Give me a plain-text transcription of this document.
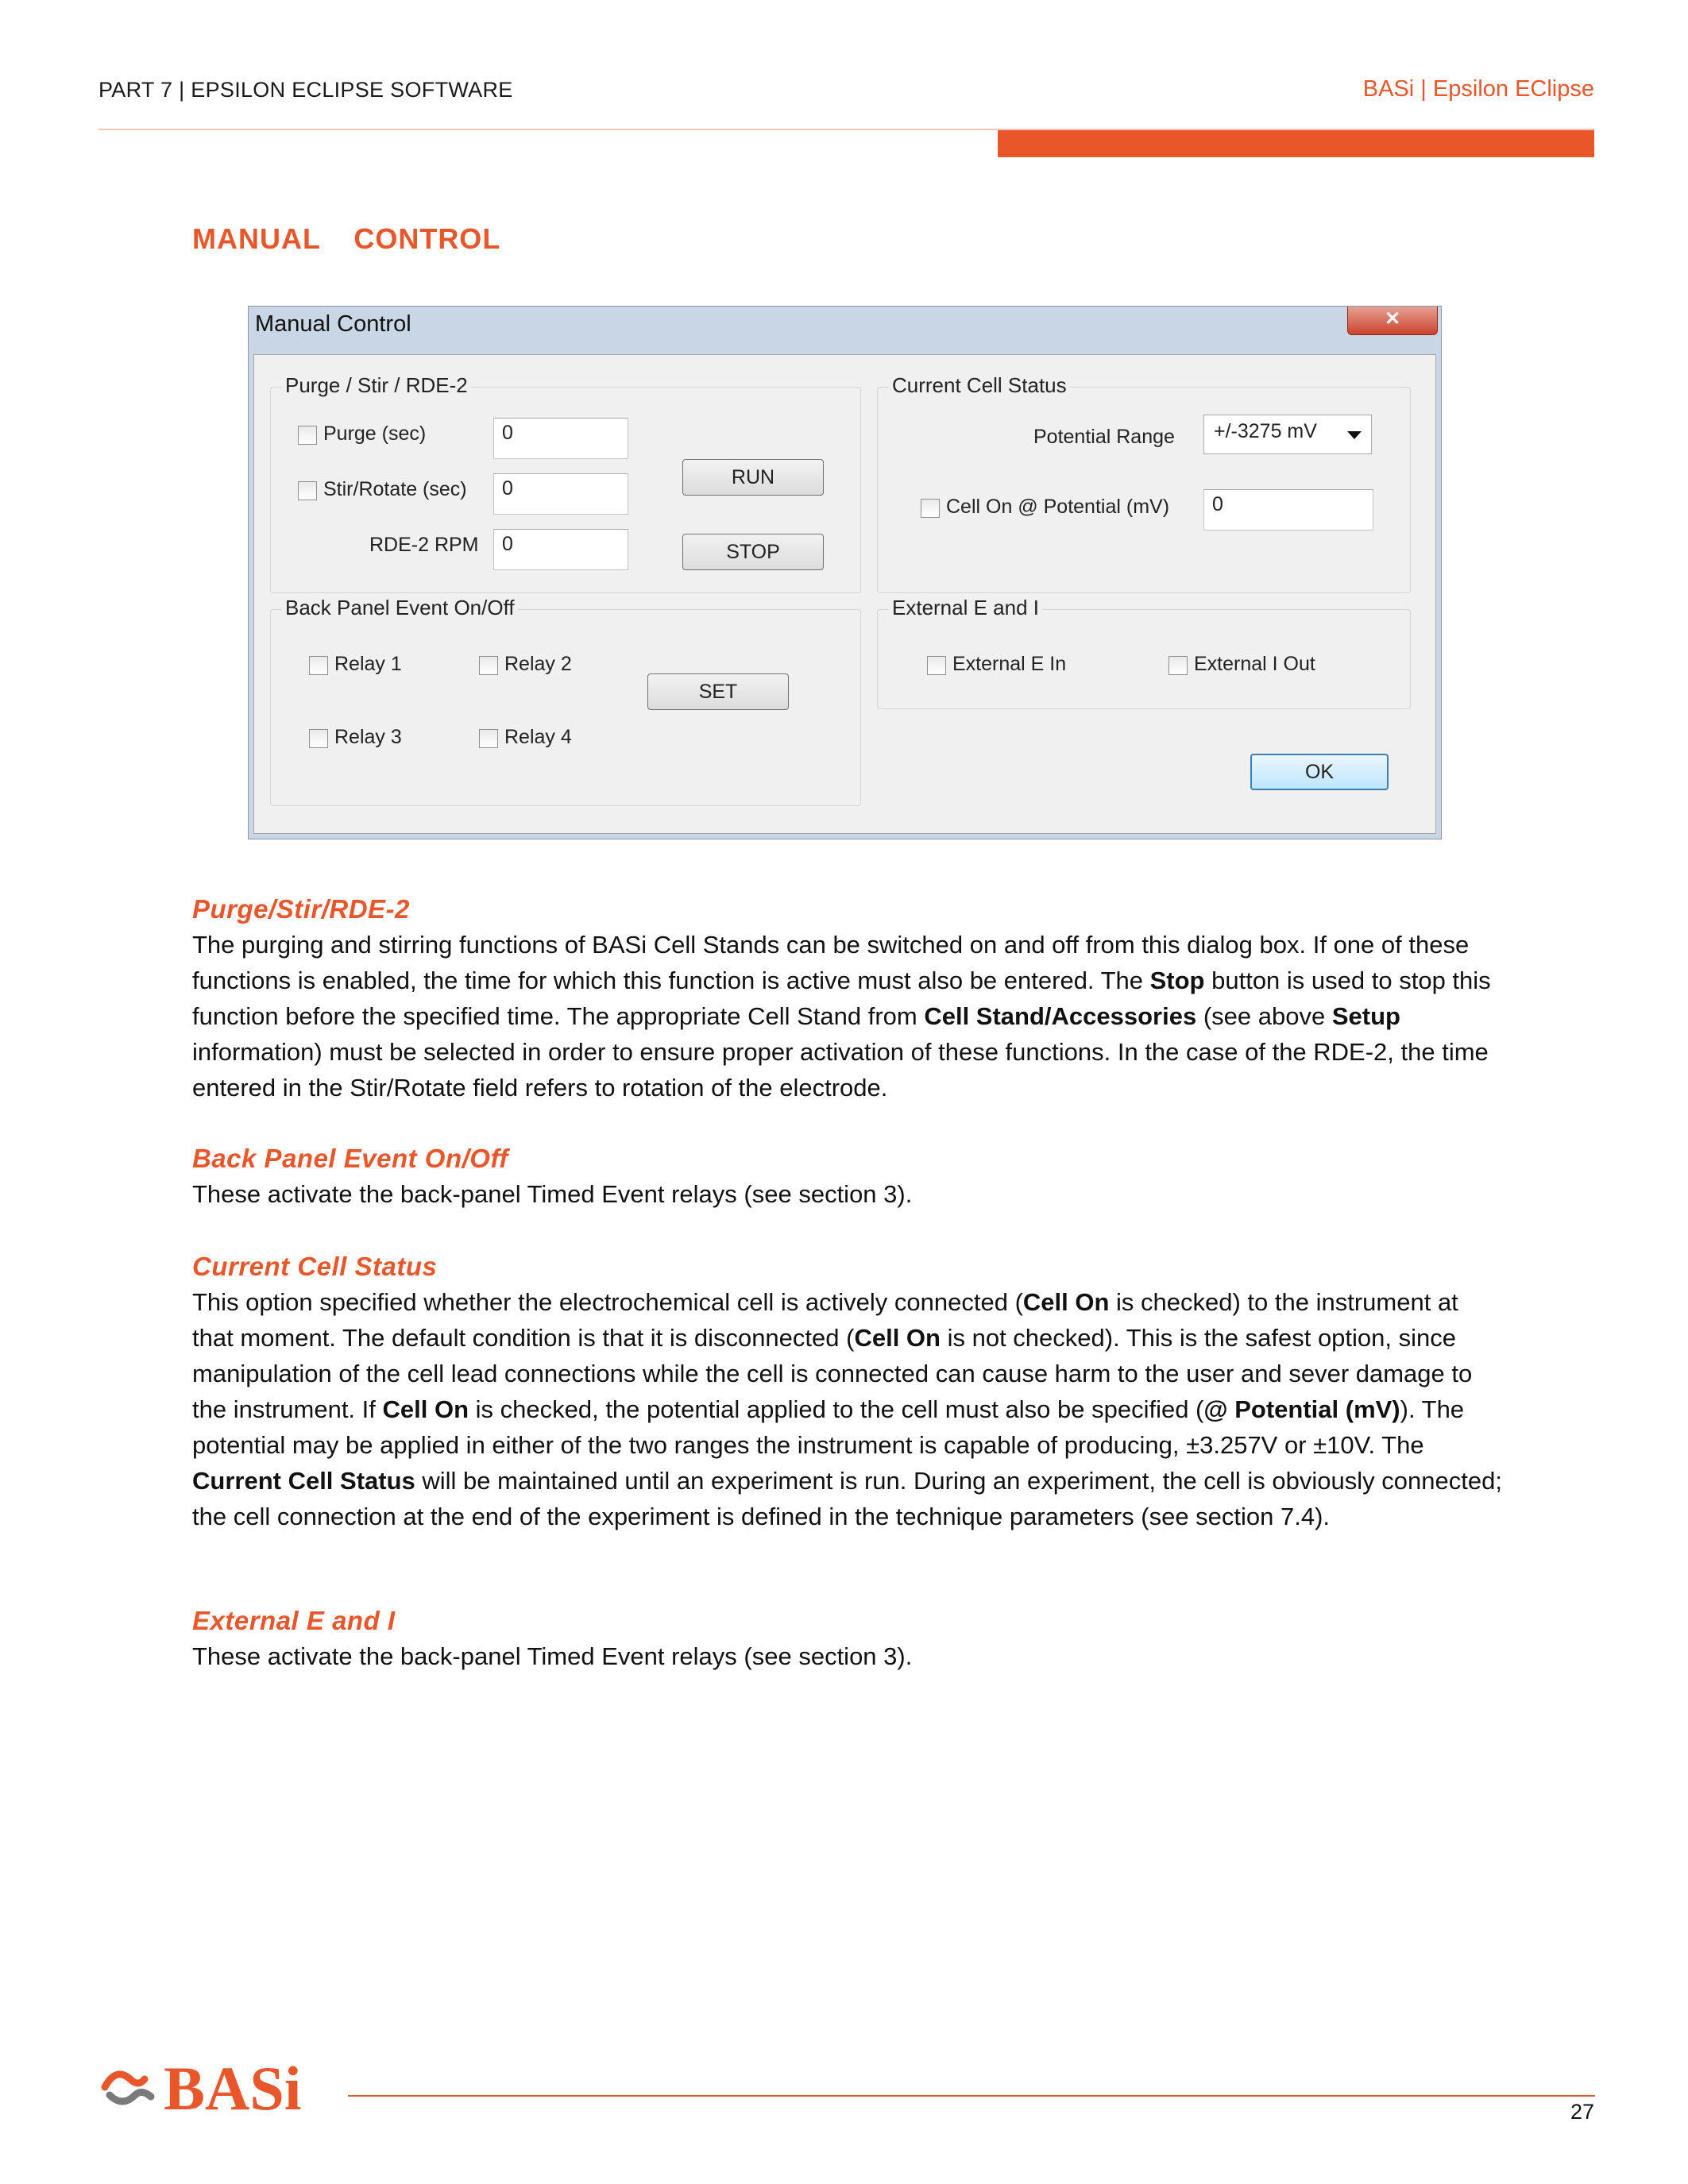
PART 7 | EPSILON ECLIPSE SOFTWARE	BASi | Epsilon EClipse
MANUAL  CONTROL
Manual Control	✕
Purge / Stir / RDE-2
Purge (sec)	0
Stir/Rotate (sec)	0
RDE-2 RPM	0
RUN
STOP
Current Cell Status
Potential Range	+/-3275 mV
Cell On @ Potential (mV)	0
Back Panel Event On/Off
Relay 1	Relay 2
Relay 3	Relay 4
SET
External E and I
External E In	External I Out
OK
Purge/Stir/RDE-2
The purging and stirring functions of BASi Cell Stands can be switched on and off from this dialog box. If one of these functions is enabled, the time for which this function is active must also be entered. The Stop button is used to stop this function before the specified time. The appropriate Cell Stand from Cell Stand/Accessories (see above Setup information) must be selected in order to ensure proper activation of these functions. In the case of the RDE-2, the time entered in the Stir/Rotate field refers to rotation of the electrode.
Back Panel Event On/Off
These activate the back-panel Timed Event relays (see section 3).
Current Cell Status
This option specified whether the electrochemical cell is actively connected (Cell On is checked) to the instrument at that moment. The default condition is that it is disconnected (Cell On is not checked). This is the safest option, since manipulation of the cell lead connections while the cell is connected can cause harm to the user and sever damage to the instrument. If Cell On is checked, the potential applied to the cell must also be specified (@ Potential (mV)). The potential may be applied in either of the two ranges the instrument is capable of producing, ±3.257V or ±10V. The Current Cell Status will be maintained until an experiment is run. During an experiment, the cell is obviously connected; the cell connection at the end of the experiment is defined in the technique parameters (see section 7.4).
External E and I
These activate the back-panel Timed Event relays (see section 3).
BASi	27
